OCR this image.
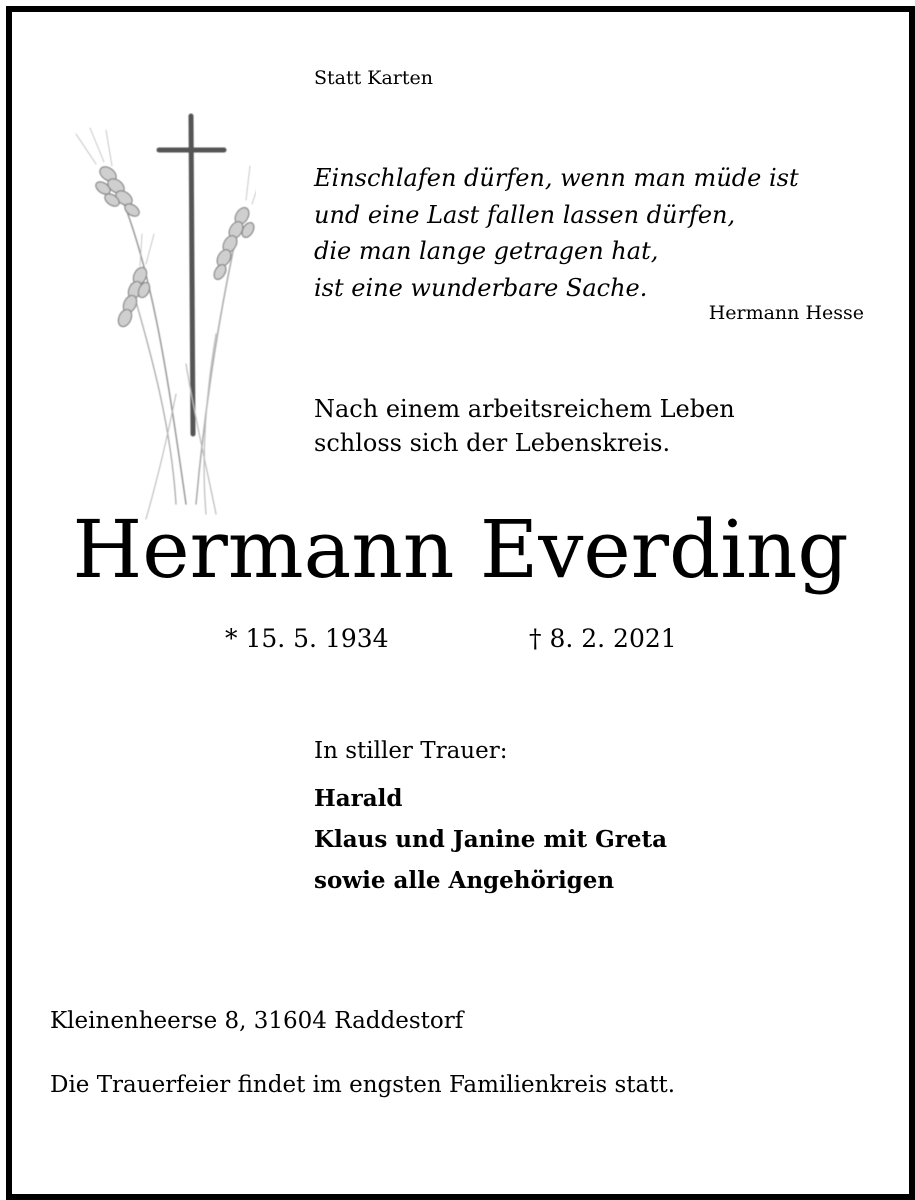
Statt Karten
Einschlafen dürfen, wenn man müde ist
und eine Last fallen lassen dürfen,
die man lange getragen hat,
ist eine wunderbare Sache.
Hermann Hesse
Nach einem arbeitsreichem Leben
schloss sich der Lebenskreis.
Hermann Everding
* 15. 5. 1934	† 8. 2. 2021
In stiller Trauer:
Harald
Klaus und Janine mit Greta
sowie alle Angehörigen
Kleinenheerse 8, 31604 Raddestorf
Die Trauerfeier findet im engsten Familienkreis statt.
